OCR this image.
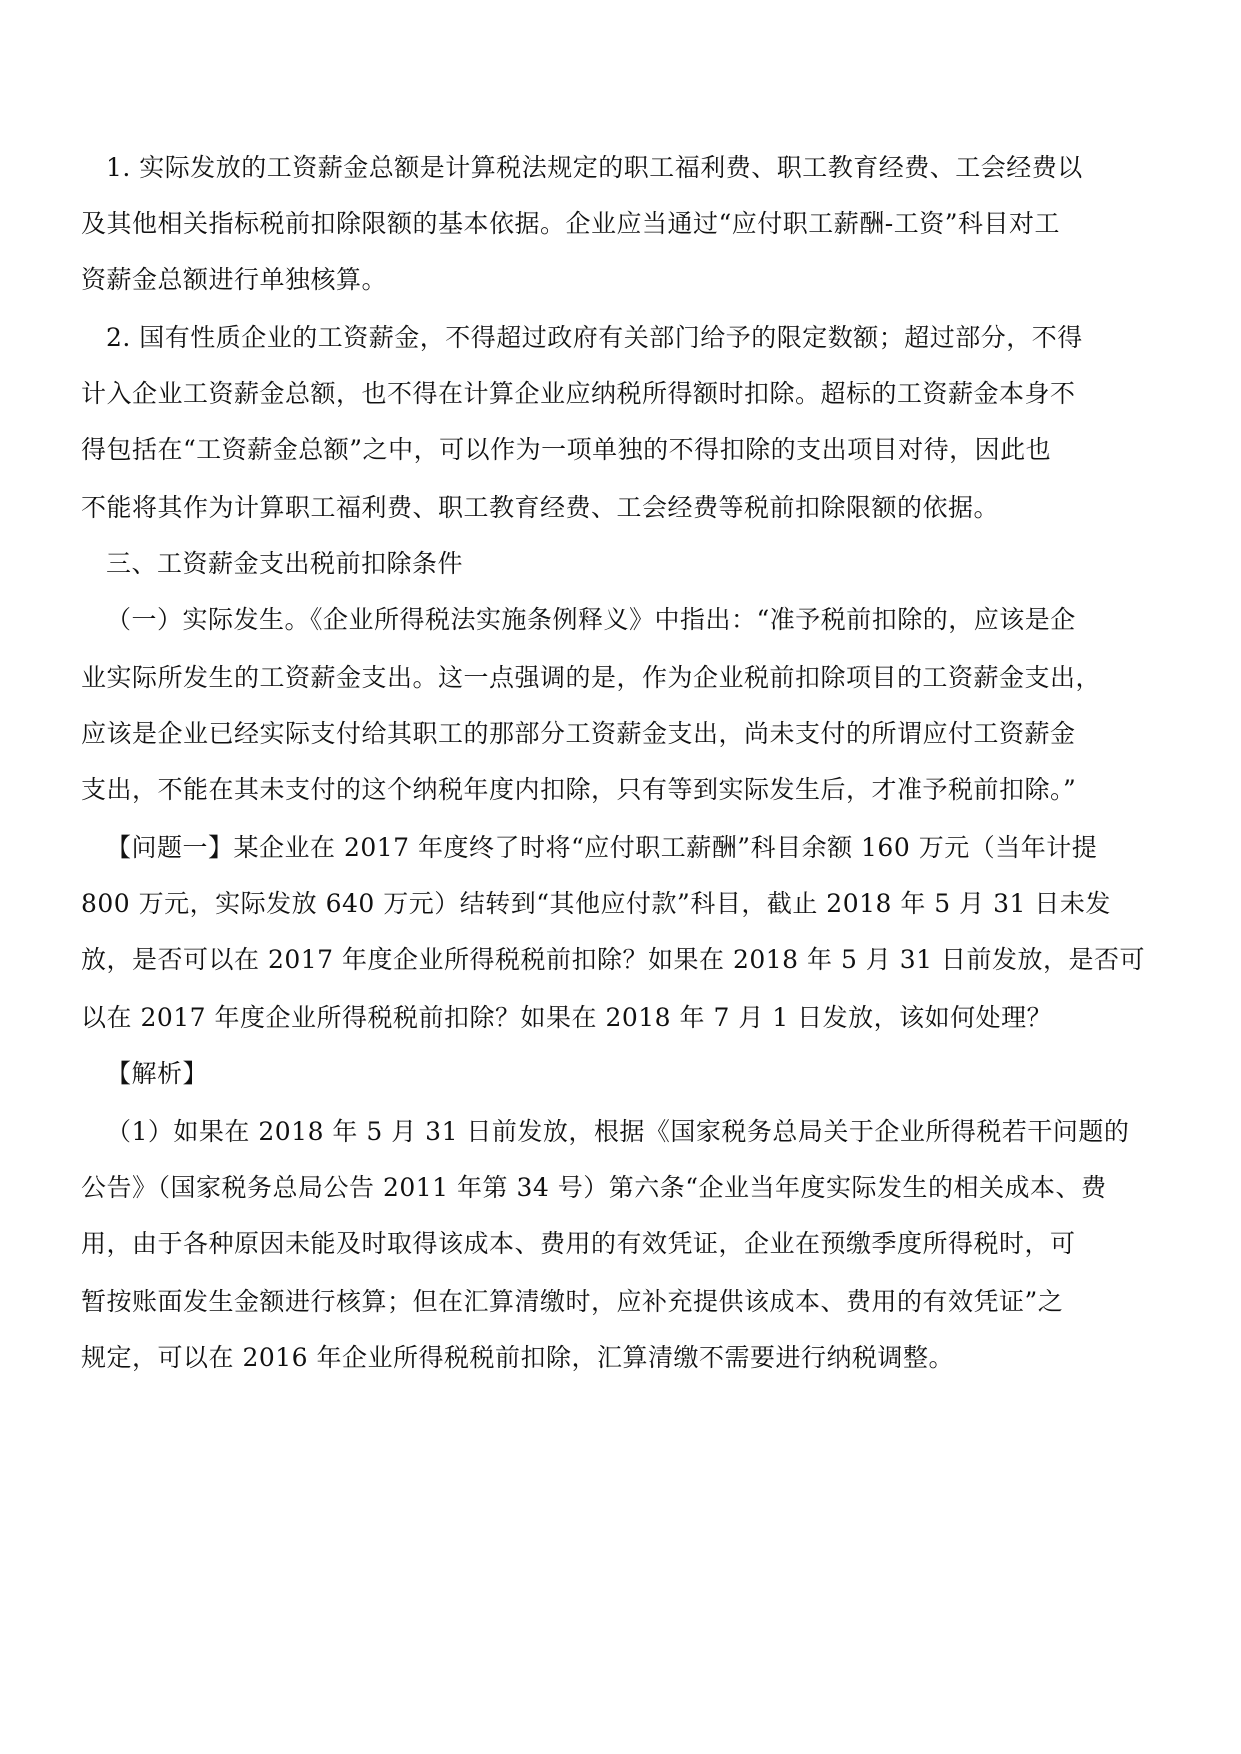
1. 实际发放的工资薪金总额是计算税法规定的职工福利费、职工教育经费、工会经费以
及其他相关指标税前扣除限额的基本依据。企业应当通过“应付职工薪酬-工资”科目对工
资薪金总额进行单独核算。
2. 国有性质企业的工资薪金，不得超过政府有关部门给予的限定数额；超过部分，不得
计入企业工资薪金总额，也不得在计算企业应纳税所得额时扣除。超标的工资薪金本身不
得包括在“工资薪金总额”之中，可以作为一项单独的不得扣除的支出项目对待，因此也
不能将其作为计算职工福利费、职工教育经费、工会经费等税前扣除限额的依据。
三、工资薪金支出税前扣除条件
（一）实际发生。《企业所得税法实施条例释义》中指出：“准予税前扣除的，应该是企
业实际所发生的工资薪金支出。这一点强调的是，作为企业税前扣除项目的工资薪金支出，
应该是企业已经实际支付给其职工的那部分工资薪金支出，尚未支付的所谓应付工资薪金
支出，不能在其未支付的这个纳税年度内扣除，只有等到实际发生后，才准予税前扣除。”
【问题一】某企业在 2017 年度终了时将“应付职工薪酬”科目余额 160 万元（当年计提
800 万元，实际发放 640 万元）结转到“其他应付款”科目，截止 2018 年 5 月 31 日未发
放，是否可以在 2017 年度企业所得税税前扣除？如果在 2018 年 5 月 31 日前发放，是否可
以在 2017 年度企业所得税税前扣除？如果在 2018 年 7 月 1 日发放，该如何处理？
【解析】
（1）如果在 2018 年 5 月 31 日前发放，根据《国家税务总局关于企业所得税若干问题的
公告》（国家税务总局公告 2011 年第 34 号）第六条“企业当年度实际发生的相关成本、费
用，由于各种原因未能及时取得该成本、费用的有效凭证，企业在预缴季度所得税时，可
暂按账面发生金额进行核算；但在汇算清缴时，应补充提供该成本、费用的有效凭证”之
规定，可以在 2016 年企业所得税税前扣除，汇算清缴不需要进行纳税调整。
